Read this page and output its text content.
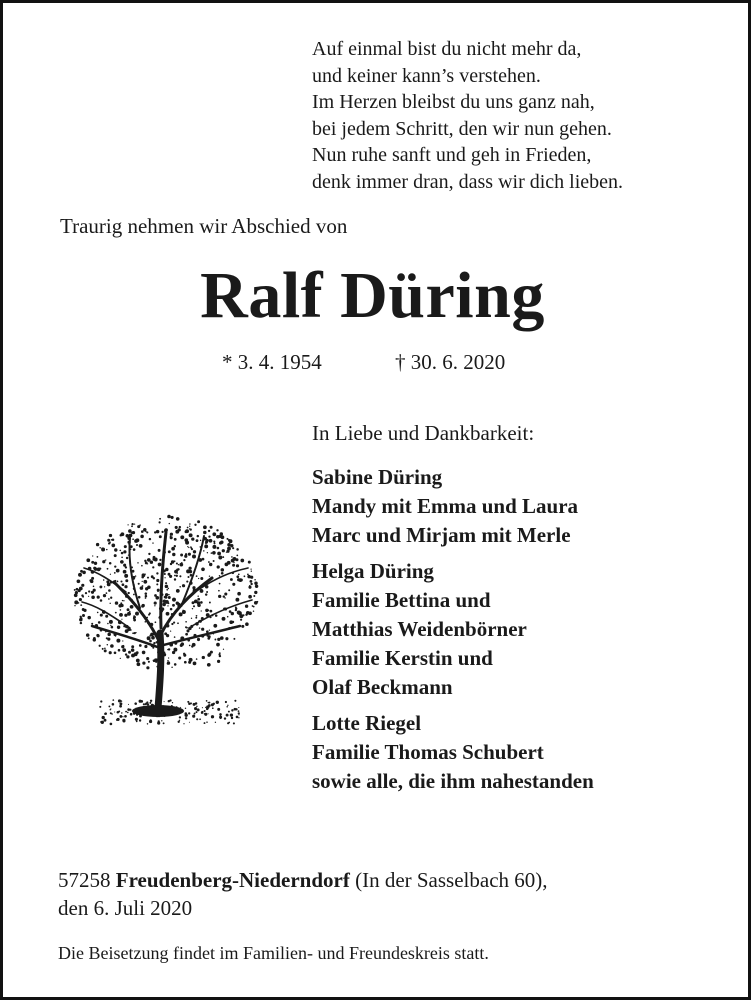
Auf einmal bist du nicht mehr da,
und keiner kann’s verstehen.
Im Herzen bleibst du uns ganz nah,
bei jedem Schritt, den wir nun gehen.
Nun ruhe sanft und geh in Frieden,
denk immer dran, dass wir dich lieben.
Traurig nehmen wir Abschied von
Ralf Düring
* 3. 4. 1954	† 30. 6. 2020
In Liebe und Dankbarkeit:
Sabine Düring
Mandy mit Emma und Laura
Marc und Mirjam mit Merle
Helga Düring
Familie Bettina und
Matthias Weidenbörner
Familie Kerstin und
Olaf Beckmann
Lotte Riegel
Familie Thomas Schubert
sowie alle, die ihm nahestanden
57258 Freudenberg-Niederndorf (In der Sasselbach 60),
den 6. Juli 2020
Die Beisetzung findet im Familien- und Freundeskreis statt.
